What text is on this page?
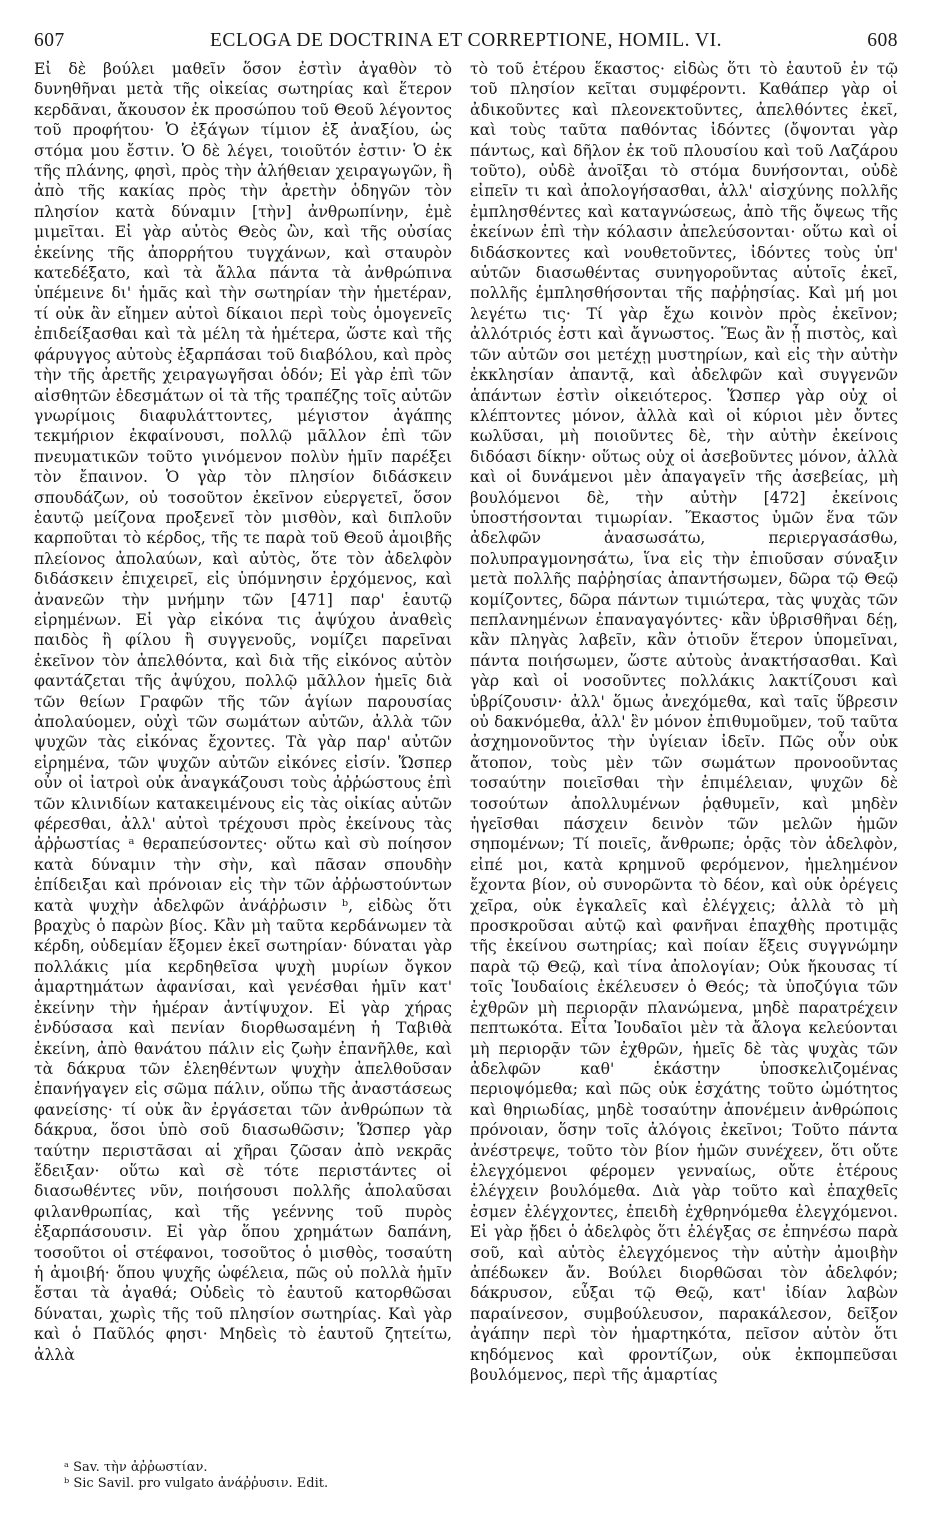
607	ECLOGA DE DOCTRINA ET CORREPTIONE, HOMIL. VI.	608

Εἰ δὲ βούλει μαθεῖν ὅσον ἐστὶν ἀγαθὸν τὸ δυνηθῆναι μετὰ τῆς οἰκείας σωτηρίας καὶ ἕτερον κερδᾶναι, ἄκουσον ἐκ προσώπου τοῦ Θεοῦ λέγοντος τοῦ προφήτου· Ὁ ἐξάγων τίμιον ἐξ ἀναξίου, ὡς στόμα μου ἔστιν. Ὁ δὲ λέγει, τοιοῦτόν ἐστιν· Ὁ ἐκ τῆς πλάνης, φησὶ, πρὸς τὴν ἀλήθειαν χειραγωγῶν, ἢ ἀπὸ τῆς κακίας πρὸς τὴν ἀρετὴν ὁδηγῶν τὸν πλησίον κατὰ δύναμιν [τὴν] ἀνθρωπίνην, ἐμὲ μιμεῖται. Εἰ γὰρ αὐτὸς Θεὸς ὢν, καὶ τῆς οὐσίας ἐκείνης τῆς ἀπορρήτου τυγχάνων, καὶ σταυρὸν κατεδέξατο, καὶ τὰ ἄλλα πάντα τὰ ἀνθρώπινα ὑπέμεινε δι' ἡμᾶς καὶ τὴν σωτηρίαν τὴν ἡμετέραν, τί οὐκ ἂν εἴημεν αὐτοὶ δίκαιοι περὶ τοὺς ὁμογενεῖς ἐπιδείξασθαι καὶ τὰ μέλη τὰ ἡμέτερα, ὥστε καὶ τῆς φάρυγγος αὐτοὺς ἐξαρπάσαι τοῦ διαβόλου, καὶ πρὸς τὴν τῆς ἀρετῆς χειραγωγῆσαι ὁδόν; Εἰ γὰρ ἐπὶ τῶν αἰσθητῶν ἐδεσμάτων οἱ τὰ τῆς τραπέζης τοῖς αὐτῶν γνωρίμοις διαφυλάττοντες, μέγιστον ἀγάπης τεκμήριον ἐκφαίνουσι, πολλῷ μᾶλλον ἐπὶ τῶν πνευματικῶν τοῦτο γινόμενον πολὺν ἡμῖν παρέξει τὸν ἔπαινον. Ὁ γὰρ τὸν πλησίον διδάσκειν σπουδάζων, οὐ τοσοῦτον ἐκεῖνον εὐεργετεῖ, ὅσον ἑαυτῷ μείζονα προξενεῖ τὸν μισθὸν, καὶ διπλοῦν καρποῦται τὸ κέρδος, τῆς τε παρὰ τοῦ Θεοῦ ἀμοιβῆς πλείονος ἀπολαύων, καὶ αὐτὸς, ὅτε τὸν ἀδελφὸν διδάσκειν ἐπιχειρεῖ, εἰς ὑπόμνησιν ἐρχόμενος, καὶ ἀνανεῶν τὴν μνήμην τῶν [471] παρ' ἑαυτῷ εἰρημένων. Εἰ γὰρ εἰκόνα τις ἀψύχου ἀναθεὶς παιδὸς ἢ φίλου ἢ συγγενοῦς, νομίζει παρεῖναι ἐκεῖνον τὸν ἀπελθόντα, καὶ διὰ τῆς εἰκόνος αὐτὸν φαντάζεται τῆς ἀψύχου, πολλῷ μᾶλλον ἡμεῖς διὰ τῶν θείων Γραφῶν τῆς τῶν ἁγίων παρουσίας ἀπολαύομεν, οὐχὶ τῶν σωμάτων αὐτῶν, ἀλλὰ τῶν ψυχῶν τὰς εἰκόνας ἔχοντες. Τὰ γὰρ παρ' αὐτῶν εἰρημένα, τῶν ψυχῶν αὐτῶν εἰκόνες εἰσίν. Ὥσπερ οὖν οἱ ἰατροὶ οὐκ ἀναγκάζουσι τοὺς ἀῤῥώστους ἐπὶ τῶν κλινιδίων κατακειμένους εἰς τὰς οἰκίας αὐτῶν φέρεσθαι, ἀλλ' αὐτοὶ τρέχουσι πρὸς ἐκείνους τὰς ἀῤῥωστίας ᵃ θεραπεύσοντες· οὕτω καὶ σὺ ποίησον κατὰ δύναμιν τὴν σὴν, καὶ πᾶσαν σπουδὴν ἐπίδειξαι καὶ πρόνοιαν εἰς τὴν τῶν ἀῤῥωστούντων κατὰ ψυχὴν ἀδελφῶν ἀνάῤῥωσιν ᵇ, εἰδὼς ὅτι βραχὺς ὁ παρὼν βίος. Κἂν μὴ ταῦτα κερδάνωμεν τὰ κέρδη, οὐδεμίαν ἕξομεν ἐκεῖ σωτηρίαν· δύναται γὰρ πολλάκις μία κερδηθεῖσα ψυχὴ μυρίων ὄγκον ἁμαρτημάτων ἀφανίσαι, καὶ γενέσθαι ἡμῖν κατ' ἐκείνην τὴν ἡμέραν ἀντίψυχον. Εἰ γὰρ χήρας ἐνδύσασα καὶ πενίαν διορθωσαμένη ἡ Ταβιθὰ ἐκείνη, ἀπὸ θανάτου πάλιν εἰς ζωὴν ἐπανῆλθε, καὶ τὰ δάκρυα τῶν ἐλεηθέντων ψυχὴν ἀπελθοῦσαν ἐπανήγαγεν εἰς σῶμα πάλιν, οὕπω τῆς ἀναστάσεως φανείσης· τί οὐκ ἂν ἐργάσεται τῶν ἀνθρώπων τὰ δάκρυα, ὅσοι ὑπὸ σοῦ διασωθῶσιν; Ὥσπερ γὰρ ταύτην περιστᾶσαι αἱ χῆραι ζῶσαν ἀπὸ νεκρᾶς ἔδειξαν· οὕτω καὶ σὲ τότε περιστάντες οἱ διασωθέντες νῦν, ποιήσουσι πολλῆς ἀπολαῦσαι φιλανθρωπίας, καὶ τῆς γεέννης τοῦ πυρὸς ἐξαρπάσουσιν. Εἰ γὰρ ὅπου χρημάτων δαπάνη, τοσοῦτοι οἱ στέφανοι, τοσοῦτος ὁ μισθὸς, τοσαύτη ἡ ἀμοιβή· ὅπου ψυχῆς ὠφέλεια, πῶς οὐ πολλὰ ἡμῖν ἔσται τὰ ἀγαθά; Οὐδεὶς τὸ ἑαυτοῦ κατορθῶσαι δύναται, χωρὶς τῆς τοῦ πλησίον σωτηρίας. Καὶ γὰρ καὶ ὁ Παῦλός φησι· Μηδεὶς τὸ ἑαυτοῦ ζητείτω, ἀλλὰ

τὸ τοῦ ἑτέρου ἕκαστος· εἰδὼς ὅτι τὸ ἑαυτοῦ ἐν τῷ τοῦ πλησίον κεῖται συμφέροντι. Καθάπερ γὰρ οἱ ἀδικοῦντες καὶ πλεονεκτοῦντες, ἀπελθόντες ἐκεῖ, καὶ τοὺς ταῦτα παθόντας ἰδόντες (ὄψονται γὰρ πάντως, καὶ δῆλον ἐκ τοῦ πλουσίου καὶ τοῦ Λαζάρου τοῦτο), οὐδὲ ἀνοῖξαι τὸ στόμα δυνήσονται, οὐδὲ εἰπεῖν τι καὶ ἀπολογήσασθαι, ἀλλ' αἰσχύνης πολλῆς ἐμπλησθέντες καὶ καταγνώσεως, ἀπὸ τῆς ὄψεως τῆς ἐκείνων ἐπὶ τὴν κόλασιν ἀπελεύσονται· οὕτω καὶ οἱ διδάσκοντες καὶ νουθετοῦντες, ἰδόντες τοὺς ὑπ' αὐτῶν διασωθέντας συνηγοροῦντας αὐτοῖς ἐκεῖ, πολλῆς ἐμπλησθήσονται τῆς παῤῥησίας. Καὶ μή μοι λεγέτω τις· Τί γὰρ ἔχω κοινὸν πρὸς ἐκεῖνον; ἀλλότριός ἐστι καὶ ἄγνωστος. Ἕως ἂν ᾖ πιστὸς, καὶ τῶν αὐτῶν σοι μετέχῃ μυστηρίων, καὶ εἰς τὴν αὐτὴν ἐκκλησίαν ἀπαντᾷ, καὶ ἀδελφῶν καὶ συγγενῶν ἁπάντων ἐστὶν οἰκειότερος. Ὥσπερ γὰρ οὐχ οἱ κλέπτοντες μόνον, ἀλλὰ καὶ οἱ κύριοι μὲν ὄντες κωλῦσαι, μὴ ποιοῦντες δὲ, τὴν αὐτὴν ἐκείνοις διδόασι δίκην· οὕτως οὐχ οἱ ἀσεβοῦντες μόνον, ἀλλὰ καὶ οἱ δυνάμενοι μὲν ἀπαγαγεῖν τῆς ἀσεβείας, μὴ βουλόμενοι δὲ, τὴν αὐτὴν [472] ἐκείνοις ὑποστήσονται τιμωρίαν. Ἕκαστος ὑμῶν ἕνα τῶν ἀδελφῶν ἀνασωσάτω, περιεργασάσθω, πολυπραγμονησάτω, ἵνα εἰς τὴν ἐπιοῦσαν σύναξιν μετὰ πολλῆς παῤῥησίας ἀπαντήσωμεν, δῶρα τῷ Θεῷ κομίζοντες, δῶρα πάντων τιμιώτερα, τὰς ψυχὰς τῶν πεπλανημένων ἐπαναγαγόντες· κἂν ὑβρισθῆναι δέῃ, κἂν πληγὰς λαβεῖν, κἂν ὁτιοῦν ἕτερον ὑπομεῖναι, πάντα ποιήσωμεν, ὥστε αὐτοὺς ἀνακτήσασθαι. Καὶ γὰρ καὶ οἱ νοσοῦντες πολλάκις λακτίζουσι καὶ ὑβρίζουσιν· ἀλλ' ὅμως ἀνεχόμεθα, καὶ ταῖς ὕβρεσιν οὐ δακνόμεθα, ἀλλ' ἓν μόνον ἐπιθυμοῦμεν, τοῦ ταῦτα ἀσχημονοῦντος τὴν ὑγίειαν ἰδεῖν. Πῶς οὖν οὐκ ἄτοπον, τοὺς μὲν τῶν σωμάτων προνοοῦντας τοσαύτην ποιεῖσθαι τὴν ἐπιμέλειαν, ψυχῶν δὲ τοσούτων ἀπολλυμένων ῥᾳθυμεῖν, καὶ μηδὲν ἡγεῖσθαι πάσχειν δεινὸν τῶν μελῶν ἡμῶν σηπομένων; Τί ποιεῖς, ἄνθρωπε; ὁρᾷς τὸν ἀδελφὸν, εἰπέ μοι, κατὰ κρημνοῦ φερόμενον, ἠμελημένον ἔχοντα βίον, οὐ συνορῶντα τὸ δέον, καὶ οὐκ ὀρέγεις χεῖρα, οὐκ ἐγκαλεῖς καὶ ἐλέγχεις; ἀλλὰ τὸ μὴ προσκροῦσαι αὐτῷ καὶ φανῆναι ἐπαχθὴς προτιμᾷς τῆς ἐκείνου σωτηρίας; καὶ ποίαν ἕξεις συγγνώμην παρὰ τῷ Θεῷ, καὶ τίνα ἀπολογίαν; Οὐκ ἤκουσας τί τοῖς Ἰουδαίοις ἐκέλευσεν ὁ Θεός; τὰ ὑποζύγια τῶν ἐχθρῶν μὴ περιορᾷν πλανώμενα, μηδὲ παρατρέχειν πεπτωκότα. Εἶτα Ἰουδαῖοι μὲν τὰ ἄλογα κελεύονται μὴ περιορᾷν τῶν ἐχθρῶν, ἡμεῖς δὲ τὰς ψυχὰς τῶν ἀδελφῶν καθ' ἑκάστην ὑποσκελιζομένας περιοψόμεθα; καὶ πῶς οὐκ ἐσχάτης τοῦτο ὠμότητος καὶ θηριωδίας, μηδὲ τοσαύτην ἀπονέμειν ἀνθρώποις πρόνοιαν, ὅσην τοῖς ἀλόγοις ἐκεῖνοι; Τοῦτο πάντα ἀνέστρεψε, τοῦτο τὸν βίον ἡμῶν συνέχεεν, ὅτι οὔτε ἐλεγχόμενοι φέρομεν γενναίως, οὔτε ἑτέρους ἐλέγχειν βουλόμεθα. Διὰ γὰρ τοῦτο καὶ ἐπαχθεῖς ἐσμεν ἐλέγχοντες, ἐπειδὴ ἐχθρηνόμεθα ἐλεγχόμενοι. Εἰ γὰρ ᾔδει ὁ ἀδελφὸς ὅτι ἐλέγξας σε ἐπηνέσω παρὰ σοῦ, καὶ αὐτὸς ἐλεγχόμενος τὴν αὐτὴν ἀμοιβὴν ἀπέδωκεν ἄν. Βούλει διορθῶσαι τὸν ἀδελφόν; δάκρυσον, εὖξαι τῷ Θεῷ, κατ' ἰδίαν λαβὼν παραίνεσον, συμβούλευσον, παρακάλεσον, δεῖξον ἀγάπην περὶ τὸν ἡμαρτηκότα, πεῖσον αὐτὸν ὅτι κηδόμενος καὶ φροντίζων, οὐκ ἐκπομπεῦσαι βουλόμενος, περὶ τῆς ἁμαρτίας

ᵃ Sav. τὴν ἀῤῥωστίαν.

ᵇ Sic Savil. pro vulgato ἀνάῤῥυσιν. Edit.
